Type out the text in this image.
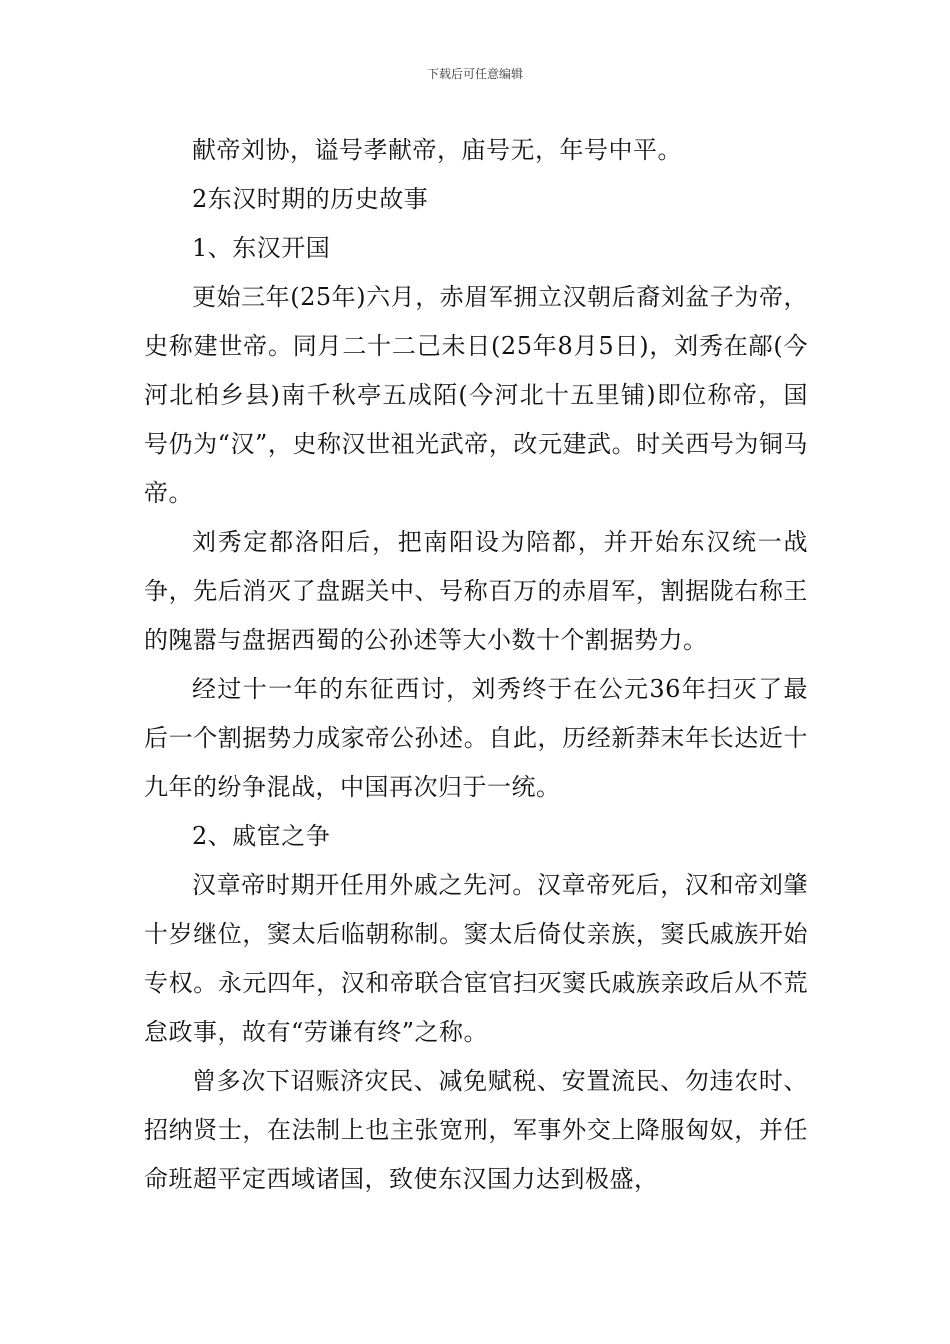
下载后可任意编辑

献帝刘协，谥号孝献帝，庙号无，年号中平。

2东汉时期的历史故事

1、东汉开国

更始三年(25年)六月，赤眉军拥立汉朝后裔刘盆子为帝，史称建世帝。同月二十二己未日(25年8月5日)，刘秀在鄗(今河北柏乡县)南千秋亭五成陌(今河北十五里铺)即位称帝，国号仍为“汉”，史称汉世祖光武帝，改元建武。时关西号为铜马帝。

刘秀定都洛阳后，把南阳设为陪都，并开始东汉统一战争，先后消灭了盘踞关中、号称百万的赤眉军，割据陇右称王的隗嚣与盘据西蜀的公孙述等大小数十个割据势力。

经过十一年的东征西讨，刘秀终于在公元36年扫灭了最后一个割据势力成家帝公孙述。自此，历经新莽末年长达近十九年的纷争混战，中国再次归于一统。

2、戚宦之争

汉章帝时期开任用外戚之先河。汉章帝死后，汉和帝刘肇十岁继位，窦太后临朝称制。窦太后倚仗亲族，窦氏戚族开始专权。永元四年，汉和帝联合宦官扫灭窦氏戚族亲政后从不荒怠政事，故有“劳谦有终”之称。

曾多次下诏赈济灾民、减免赋税、安置流民、勿违农时、招纳贤士，在法制上也主张宽刑，军事外交上降服匈奴，并任命班超平定西域诸国，致使东汉国力达到极盛，
